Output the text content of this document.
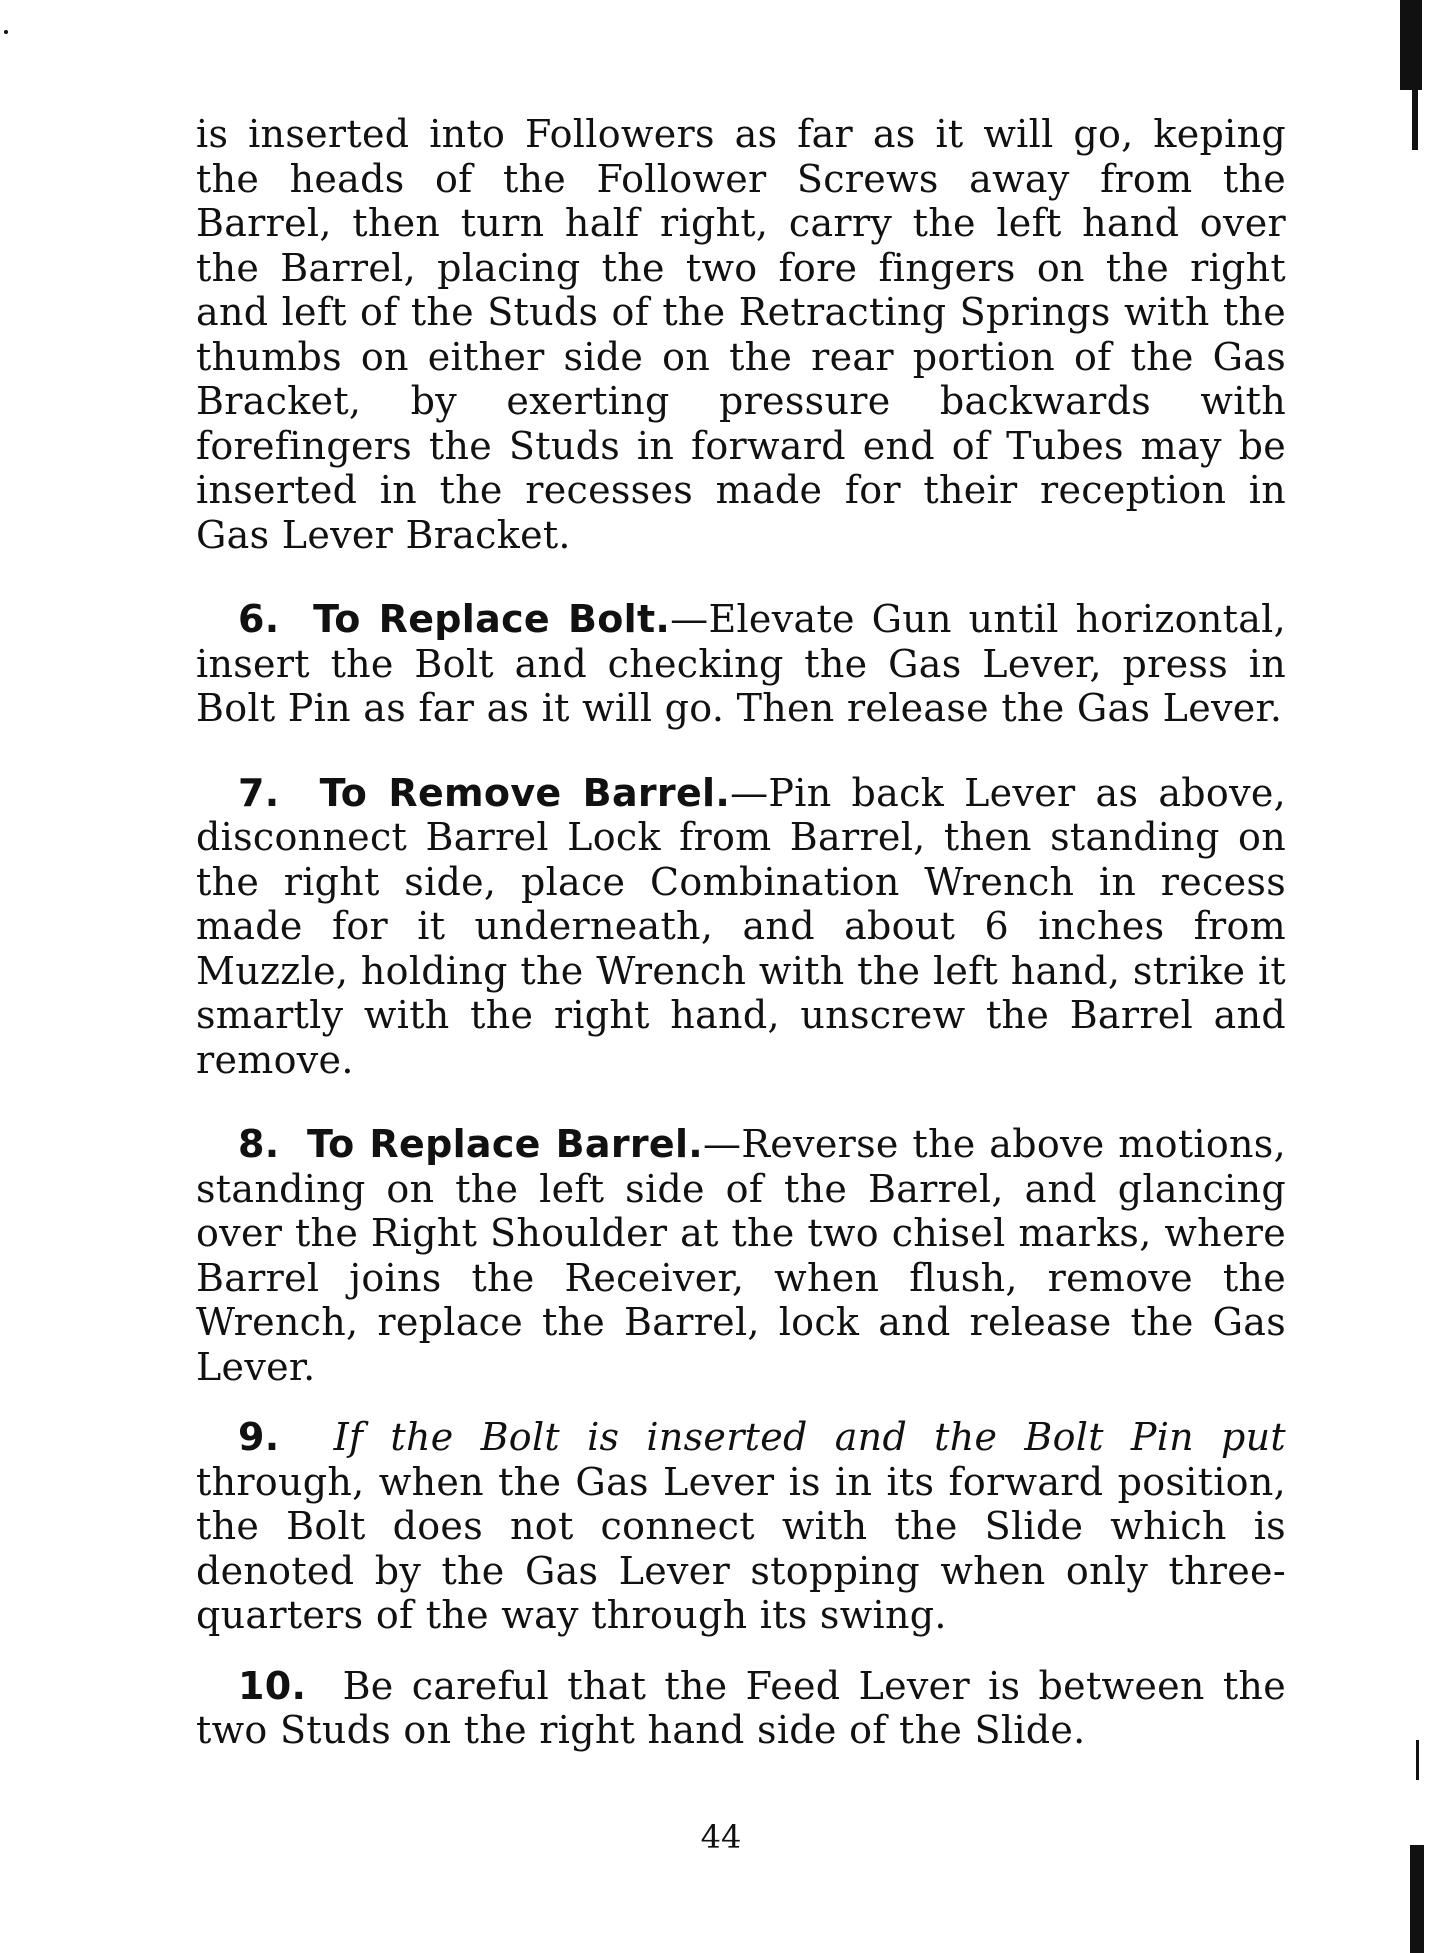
is inserted into Followers as far as it will go, keping the heads of the Follower Screws away from the Barrel, then turn half right, carry the left hand over the Barrel, placing the two fore fingers on the right and left of the Studs of the Retracting Springs with the thumbs on either side on the rear portion of the Gas Bracket, by exerting pressure backwards with forefingers the Studs in forward end of Tubes may be inserted in the recesses made for their reception in Gas Lever Bracket.

6. To Replace Bolt.—Elevate Gun until horizontal, insert the Bolt and checking the Gas Lever, press in Bolt Pin as far as it will go. Then release the Gas Lever.

7. To Remove Barrel.—Pin back Lever as above, disconnect Barrel Lock from Barrel, then standing on the right side, place Combination Wrench in recess made for it underneath, and about 6 inches from Muzzle, holding the Wrench with the left hand, strike it smartly with the right hand, unscrew the Barrel and remove.

8. To Replace Barrel.—Reverse the above motions, standing on the left side of the Barrel, and glancing over the Right Shoulder at the two chisel marks, where Barrel joins the Receiver, when flush, remove the Wrench, replace the Barrel, lock and release the Gas Lever.

9. If the Bolt is inserted and the Bolt Pin put through, when the Gas Lever is in its forward position, the Bolt does not connect with the Slide which is denoted by the Gas Lever stopping when only three-quarters of the way through its swing.

10. Be careful that the Feed Lever is between the two Studs on the right hand side of the Slide.

44
